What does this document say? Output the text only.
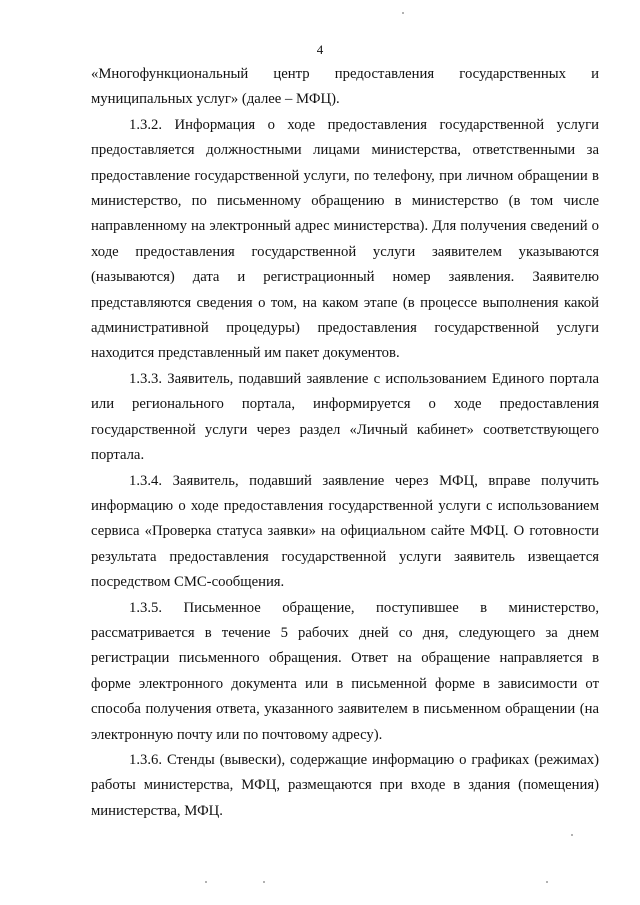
4

«Многофункциональный центр предоставления государственных и муниципальных услуг» (далее – МФЦ).

1.3.2. Информация о ходе предоставления государственной услуги предоставляется должностными лицами министерства, ответственными за предоставление государственной услуги, по телефону, при личном обращении в министерство, по письменному обращению в министерство (в том числе направленному на электронный адрес министерства). Для получения сведений о ходе предоставления государственной услуги заявителем указываются (называются) дата и регистрационный номер заявления. Заявителю представляются сведения о том, на каком этапе (в процессе выполнения какой административной процедуры) предоставления государственной услуги находится представленный им пакет документов.

1.3.3. Заявитель, подавший заявление с использованием Единого портала или регионального портала, информируется о ходе предоставления государственной услуги через раздел «Личный кабинет» соответствующего портала.

1.3.4. Заявитель, подавший заявление через МФЦ, вправе получить информацию о ходе предоставления государственной услуги с использованием сервиса «Проверка статуса заявки» на официальном сайте МФЦ. О готовности результата предоставления государственной услуги заявитель извещается посредством СМС-сообщения.

1.3.5. Письменное обращение, поступившее в министерство, рассматривается в течение 5 рабочих дней со дня, следующего за днем регистрации письменного обращения. Ответ на обращение направляется в форме электронного документа или в письменной форме в зависимости от способа получения ответа, указанного заявителем в письменном обращении (на электронную почту или по почтовому адресу).

1.3.6. Стенды (вывески), содержащие информацию о графиках (режимах) работы министерства, МФЦ, размещаются при входе в здания (помещения) министерства, МФЦ.
